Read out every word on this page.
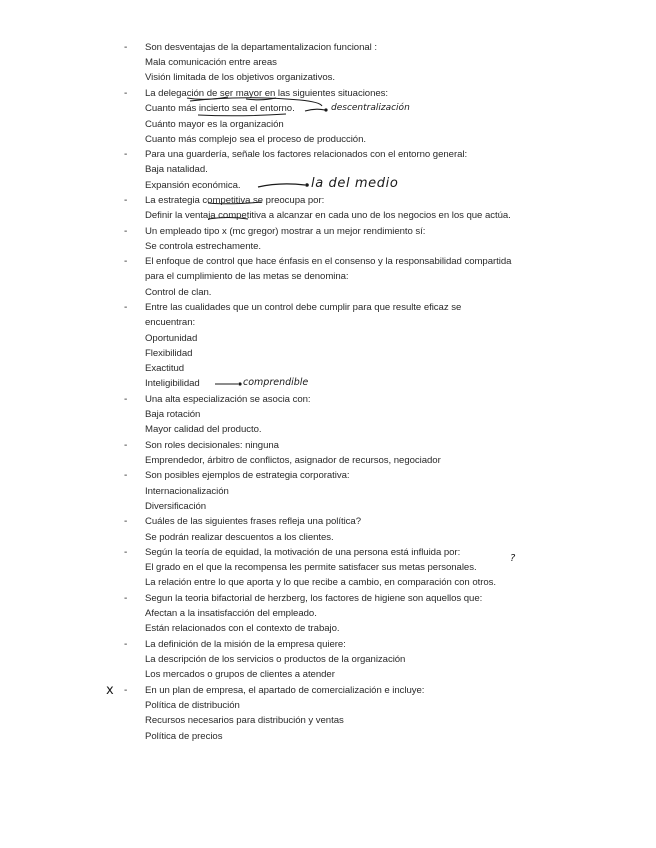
- Son desventajas de la departamentalizacion funcional :
Mala comunicación entre areas
Visión limitada de los objetivos organizativos.
- La delegación de ser mayor en las siguientes situaciones:
Cuanto más incierto sea el entorno.
Cuánto mayor es la organización
Cuanto más complejo sea el proceso de producción.
- Para una guardería, señale los factores relacionados con el entorno general:
Baja natalidad.
Expansión económica.
- La estrategia competitiva se preocupa por:
Definir la ventaja competitiva a alcanzar en cada uno de los negocios en los que actúa.
- Un empleado tipo x (mc gregor) mostrar a un mejor rendimiento sí:
Se controla estrechamente.
- El enfoque de control que hace énfasis en el consenso y la responsabilidad compartida
para el cumplimiento de las metas se denomina:
Control de clan.
- Entre las cualidades que un control debe cumplir para que resulte eficaz se
encuentran:
Oportunidad
Flexibilidad
Exactitud
Inteligibilidad
- Una alta especialización se asocia con:
Baja rotación
Mayor calidad del producto.
- Son roles decisionales: ninguna
Emprendedor, árbitro de conflictos, asignador de recursos, negociador
- Son posibles ejemplos de estrategia corporativa:
Internacionalización
Diversificación
- Cuáles de las siguientes frases refleja una política?
Se podrán realizar descuentos a los clientes.
- Según la teoría de equidad, la motivación de una persona está influida por:
El grado en el que la recompensa les permite satisfacer sus metas personales.
La relación entre lo que aporta y lo que recibe a cambio, en comparación con otros.
- Segun la teoria bifactorial de herzberg, los factores de higiene son aquellos que:
Afectan a la insatisfacción del empleado.
Están relacionados con el contexto de trabajo.
- La definición de la misión de la empresa quiere:
La descripción de los servicios o productos de la organización
Los mercados o grupos de clientes a atender
- En un plan de empresa, el apartado de comercialización e incluye:
Política de distribución
Recursos necesarios para distribución y ventas
Política de precios
descentralización
la del medio
comprendible
?
x
